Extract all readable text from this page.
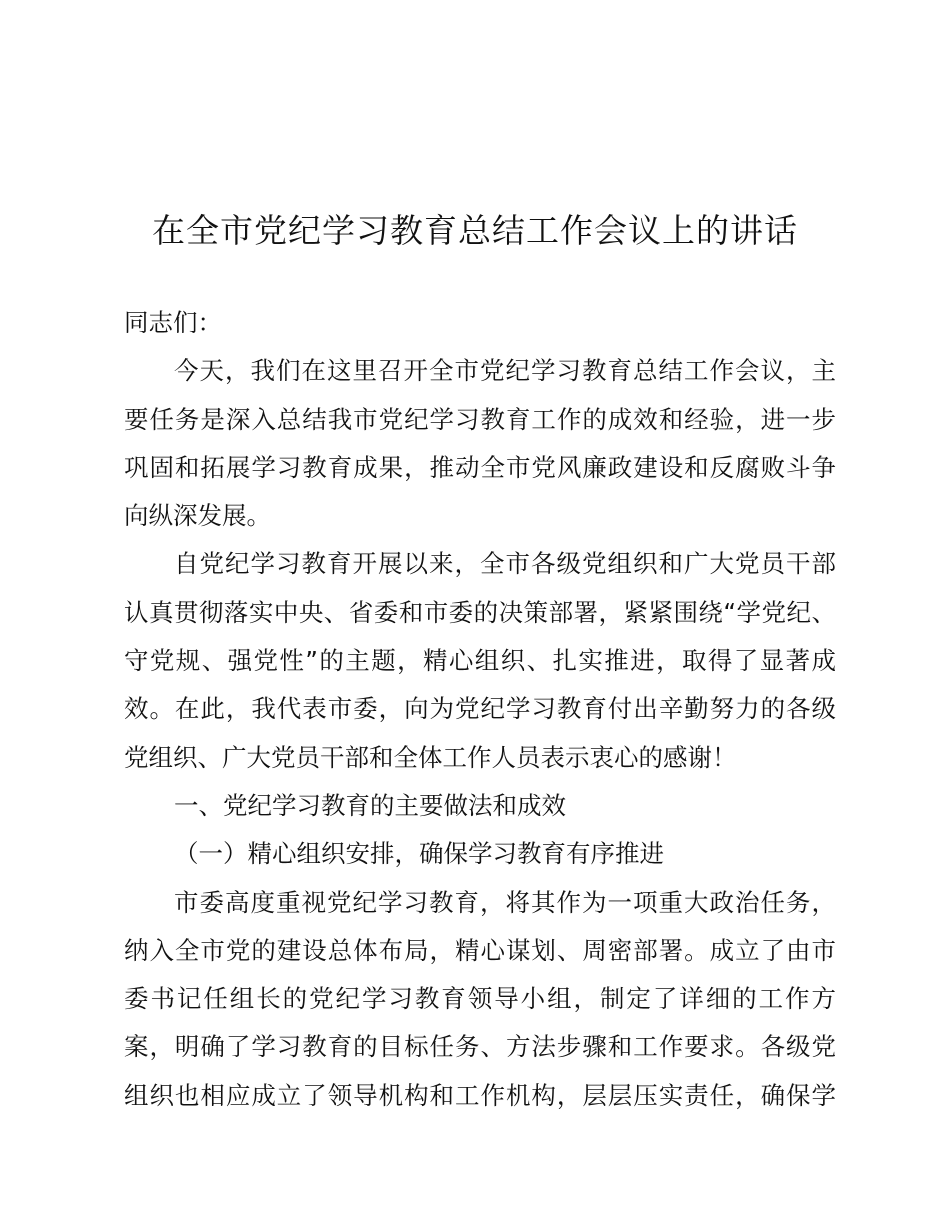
在全市党纪学习教育总结工作会议上的讲话
同志们：
今天，我们在这里召开全市党纪学习教育总结工作会议，主
要任务是深入总结我市党纪学习教育工作的成效和经验，进一步
巩固和拓展学习教育成果，推动全市党风廉政建设和反腐败斗争
向纵深发展。
自党纪学习教育开展以来，全市各级党组织和广大党员干部
认真贯彻落实中央、省委和市委的决策部署，紧紧围绕“学党纪、
守党规、强党性”的主题，精心组织、扎实推进，取得了显著成
效。在此，我代表市委，向为党纪学习教育付出辛勤努力的各级
党组织、广大党员干部和全体工作人员表示衷心的感谢！
一、党纪学习教育的主要做法和成效
（一）精心组织安排，确保学习教育有序推进
市委高度重视党纪学习教育，将其作为一项重大政治任务，
纳入全市党的建设总体布局，精心谋划、周密部署。成立了由市
委书记任组长的党纪学习教育领导小组，制定了详细的工作方
案，明确了学习教育的目标任务、方法步骤和工作要求。各级党
组织也相应成立了领导机构和工作机构，层层压实责任，确保学
